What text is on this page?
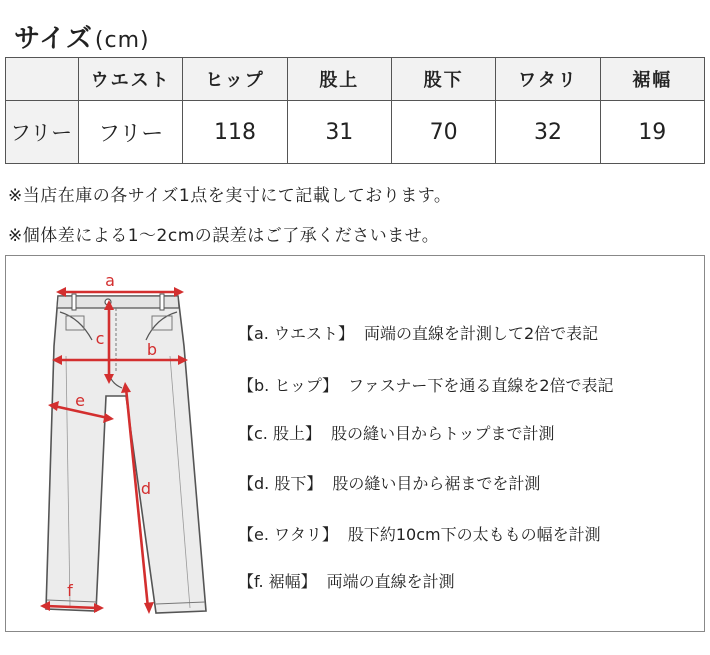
サイズ(cm)
	ウエスト	ヒップ	股上	股下	ワタリ	裾幅
フリー	フリー	118	31	70	32	19
※当店在庫の各サイズ1点を実寸にて記載しております。
※個体差による1〜2cmの誤差はご了承くださいませ。
a
b
c
d
e
f
【a. ウエスト】 両端の直線を計測して2倍で表記
【b. ヒップ】 ファスナー下を通る直線を2倍で表記
【c. 股上】 股の縫い目からトップまで計測
【d. 股下】 股の縫い目から裾までを計測
【e. ワタリ】 股下約10cm下の太ももの幅を計測
【f. 裾幅】 両端の直線を計測
